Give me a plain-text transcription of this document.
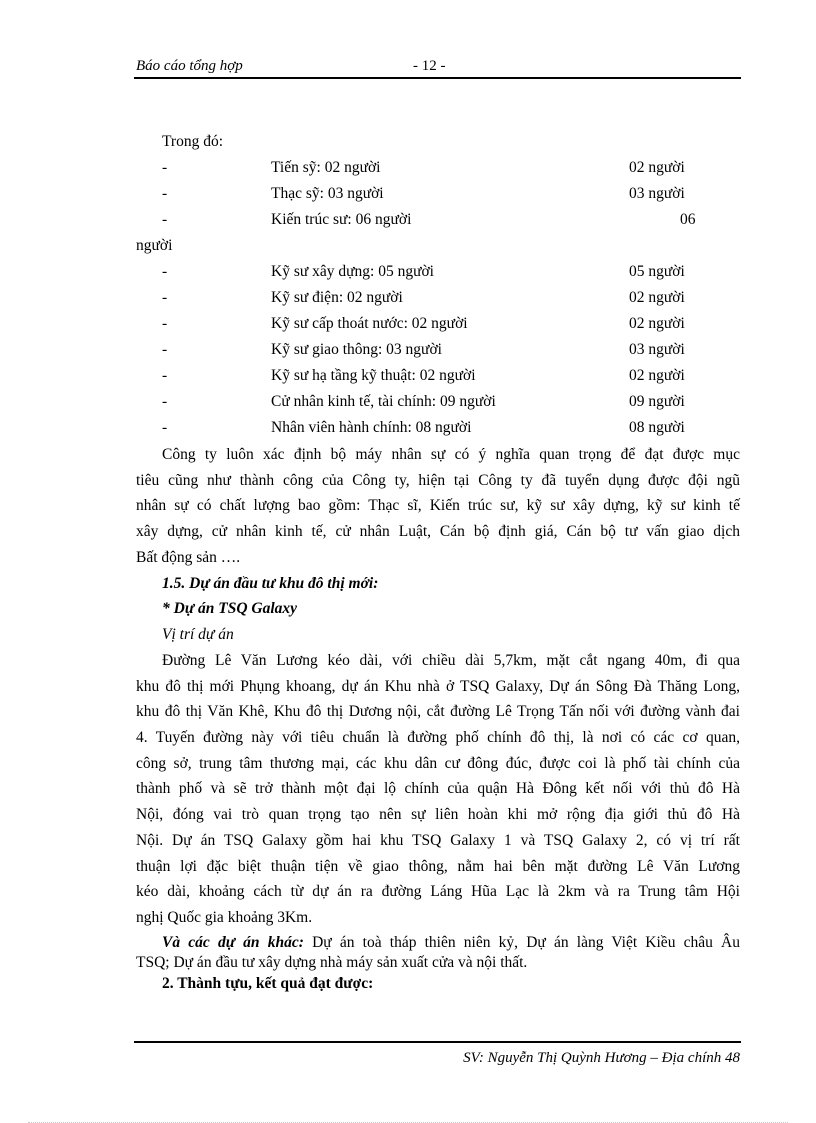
Báo cáo tổng hợp	- 12 -
Trong đó:
-	Tiến sỹ: 02 người	02 người
-	Thạc sỹ: 03 người	03 người
-	Kiến trúc sư: 06 người	06
người
-	Kỹ sư xây dựng: 05 người	05 người
-	Kỹ sư điện: 02 người	02 người
-	Kỹ sư cấp thoát nước: 02 người	02 người
-	Kỹ sư giao thông: 03 người	03 người
-	Kỹ sư hạ tầng kỹ thuật: 02 người	02 người
-	Cử nhân kinh tế, tài chính: 09 người	09 người
-	Nhân viên hành chính: 08 người	08 người
Công ty luôn xác định bộ máy nhân sự có ý nghĩa quan trọng để đạt được mục
tiêu cũng như thành công của Công ty, hiện tại Công ty đã tuyển dụng được đội ngũ
nhân sự có chất lượng bao gồm: Thạc sĩ, Kiến trúc sư, kỹ sư xây dựng, kỹ sư kinh tế
xây dựng, cử nhân kinh tế, cử nhân Luật, Cán bộ định giá, Cán bộ tư vấn giao dịch
Bất động sản ….
1.5. Dự án đầu tư khu đô thị mới:
* Dự án TSQ Galaxy
Vị trí dự án
Đường Lê Văn Lương kéo dài, với chiều dài 5,7km, mặt cắt ngang 40m, đi qua
khu đô thị mới Phụng khoang, dự án Khu nhà ở TSQ Galaxy, Dự án Sông Đà Thăng Long,
khu đô thị Văn Khê, Khu đô thị Dương nội, cắt đường Lê Trọng Tấn nối với đường vành đai
4. Tuyến đường này với tiêu chuẩn là đường phố chính đô thị, là nơi có các cơ quan,
công sở, trung tâm thương mại, các khu dân cư đông đúc, được coi là phố tài chính của
thành phố và sẽ trở thành một đại lộ chính của quận Hà Đông kết nối với thủ đô Hà
Nội, đóng vai trò quan trọng tạo nên sự liên hoàn khi mở rộng địa giới thủ đô Hà
Nội. Dự án TSQ Galaxy gồm hai khu TSQ Galaxy 1 và TSQ Galaxy 2, có vị trí rất
thuận lợi đặc biệt thuận tiện về giao thông, nằm hai bên mặt đường Lê Văn Lương
kéo dài, khoảng cách từ dự án ra đường Láng Hũa Lạc là 2km và ra Trung tâm Hội
nghị Quốc gia khoảng 3Km.
Và các dự án khác: Dự án toà tháp thiên niên kỷ, Dự án làng Việt Kiều châu Âu
TSQ; Dự án đầu tư xây dựng nhà máy sản xuất cửa và nội thất.
2. Thành tựu, kết quả đạt được:
SV: Nguyễn Thị Quỳnh Hương – Địa chính 48
